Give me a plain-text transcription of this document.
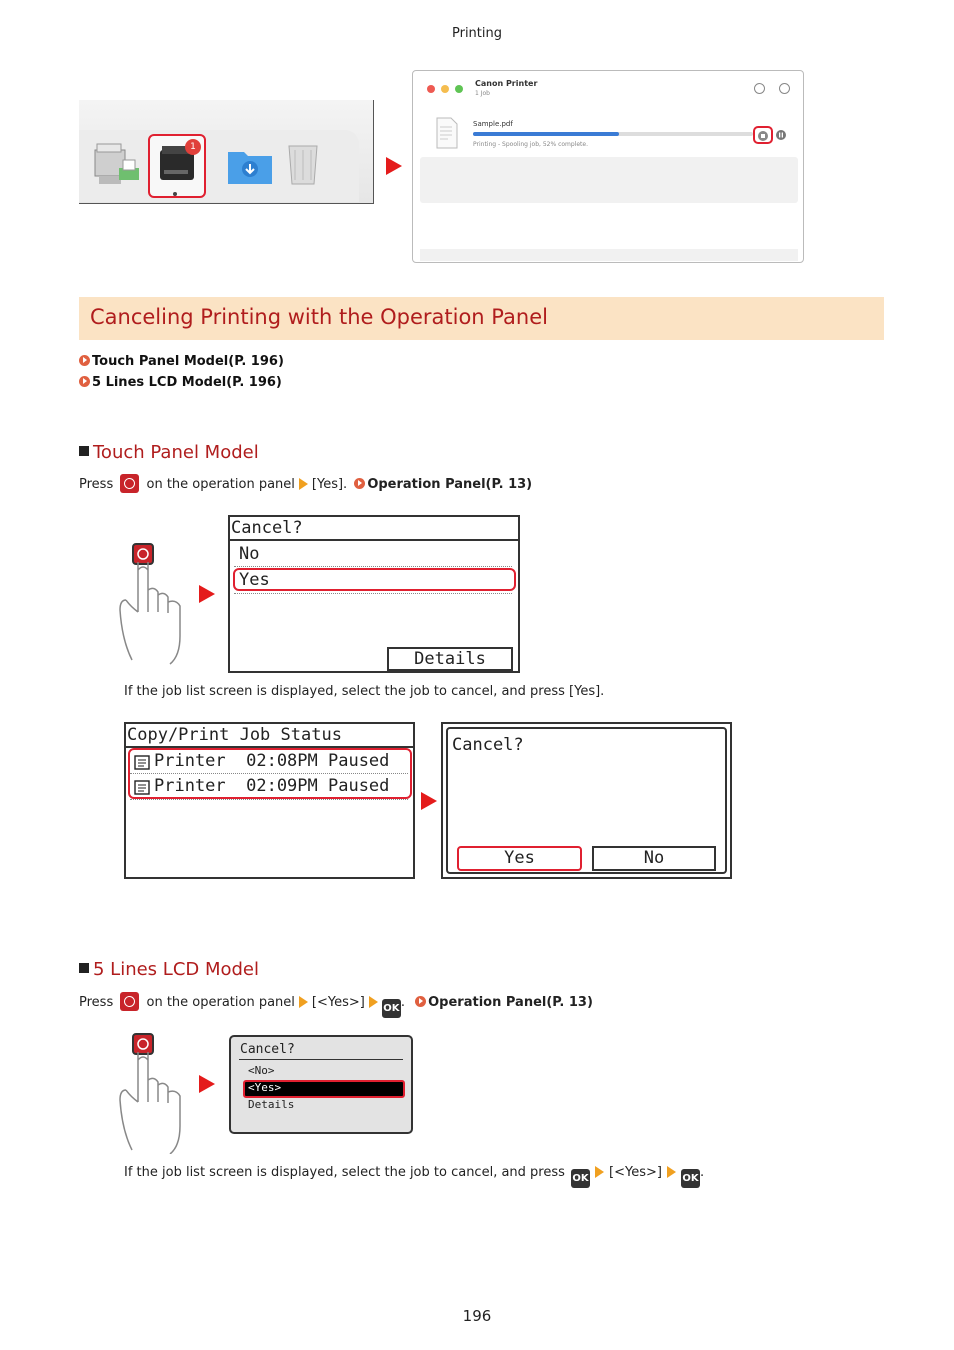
Printing
1
Canon Printer
1 Job
Sample.pdf
Printing - Spooling job, 52% complete.
Canceling Printing with the Operation Panel
Touch Panel Model(P. 196)
5 Lines LCD Model(P. 196)
Touch Panel Model
Press	on the operation panel [Yes]. Operation Panel(P. 13)
Cancel?
No
Yes
Details
If the job list screen is displayed, select the job to cancel, and press [Yes].
Copy/Print Job Status
Printer  02:08PM Paused
Printer  02:09PM Paused
Cancel?
Yes	No
5 Lines LCD Model
Press	on the operation panel [<Yes>] OK. Operation Panel(P. 13)
Cancel?
<No>
<Yes>
Details
If the job list screen is displayed, select the job to cancel, and press OK [<Yes>] OK.
196
